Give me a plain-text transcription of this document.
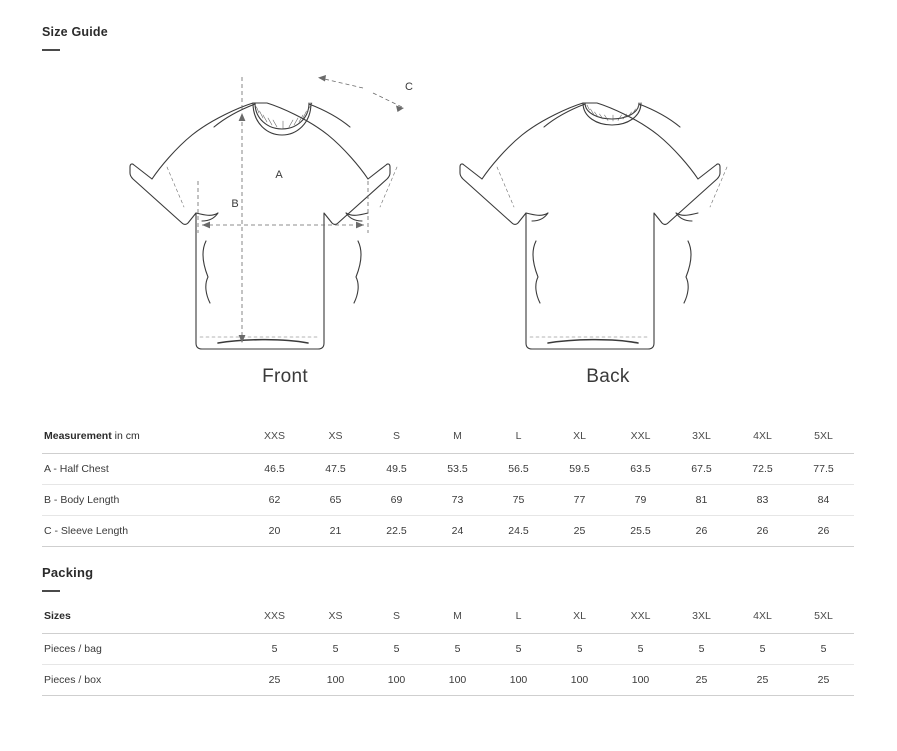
Size Guide
A
B
C
Front	Back
Measurement in cm	XXS	XS	S	M	L	XL	XXL	3XL	4XL	5XL
A - Half Chest	46.5	47.5	49.5	53.5	56.5	59.5	63.5	67.5	72.5	77.5
B - Body Length	62	65	69	73	75	77	79	81	83	84
C - Sleeve Length	20	21	22.5	24	24.5	25	25.5	26	26	26
Packing
Sizes	XXS	XS	S	M	L	XL	XXL	3XL	4XL	5XL
Pieces / bag	5	5	5	5	5	5	5	5	5	5
Pieces / box	25	100	100	100	100	100	100	25	25	25
